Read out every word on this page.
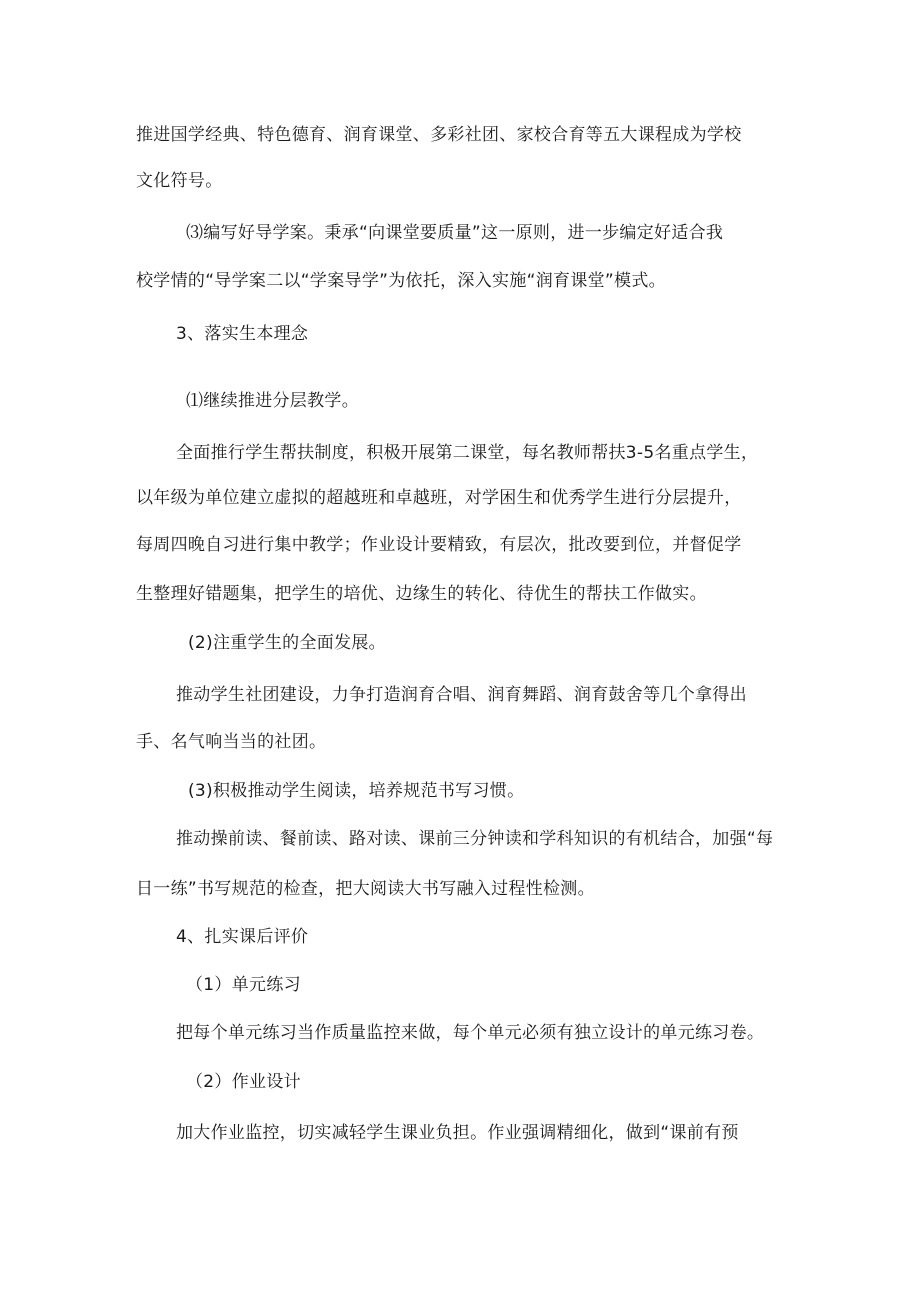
推进国学经典、特色德育、润育课堂、多彩社团、家校合育等五大课程成为学校
文化符号。
⑶编写好导学案。秉承“向课堂要质量”这一原则，进一步编定好适合我
校学情的“导学案二以“学案导学”为依托，深入实施“润育课堂”模式。
3、落实生本理念
⑴继续推进分层教学。
全面推行学生帮扶制度，积极开展第二课堂，每名教师帮扶3-5名重点学生，
以年级为单位建立虚拟的超越班和卓越班，对学困生和优秀学生进行分层提升，
每周四晚自习进行集中教学；作业设计要精致，有层次，批改要到位，并督促学
生整理好错题集，把学生的培优、边缘生的转化、待优生的帮扶工作做实。
(2)注重学生的全面发展。
推动学生社团建设，力争打造润育合唱、润育舞蹈、润育鼓舍等几个拿得出
手、名气响当当的社团。
(3)积极推动学生阅读，培养规范书写习惯。
推动操前读、餐前读、路对读、课前三分钟读和学科知识的有机结合，加强“每
日一练”书写规范的检查，把大阅读大书写融入过程性检测。
4、扎实课后评价
（1）单元练习
把每个单元练习当作质量监控来做，每个单元必须有独立设计的单元练习卷。
（2）作业设计
加大作业监控，切实减轻学生课业负担。作业强调精细化，做到“课前有预
